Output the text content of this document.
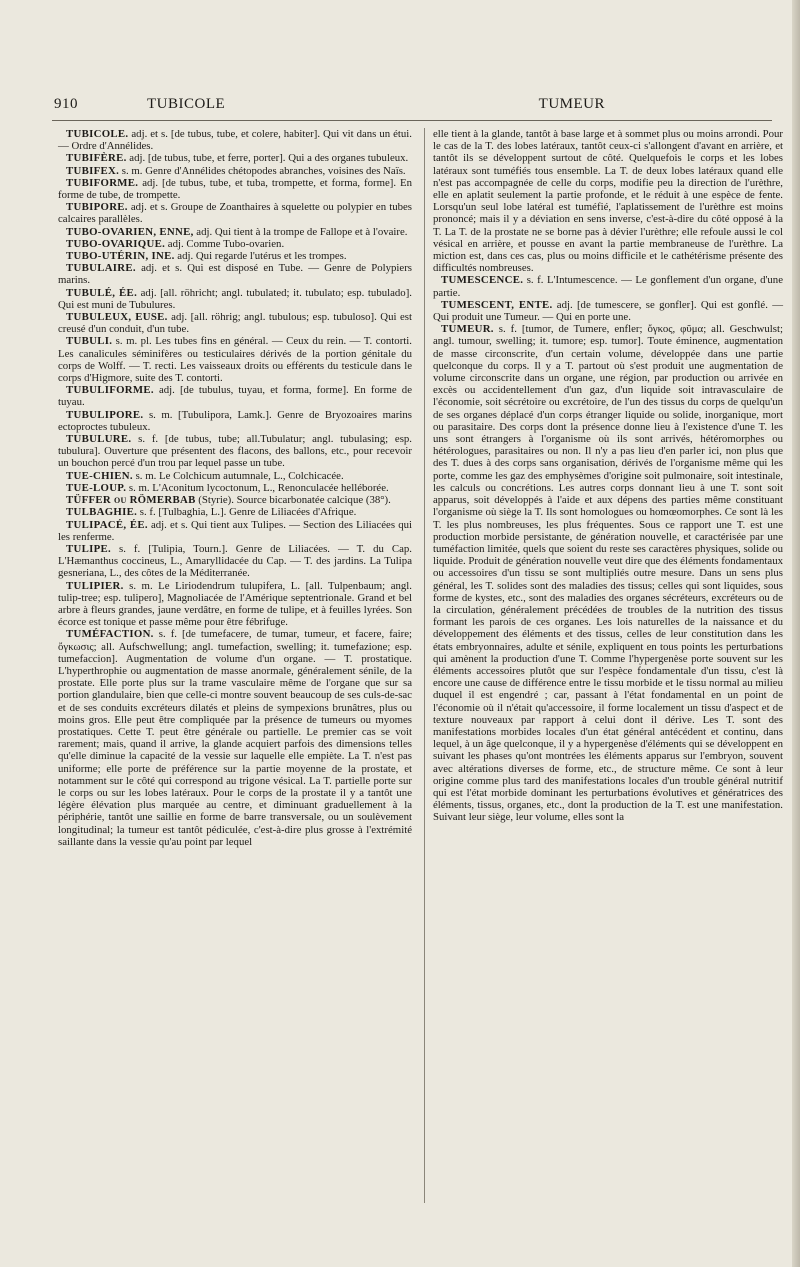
910	TUBICOLE	TUMEUR

TUBICOLE. adj. et s. [de tubus, tube, et colere, habiter]. Qui vit dans un étui. — Ordre d'Annélides.

TUBIFÈRE. adj. [de tubus, tube, et ferre, porter]. Qui a des organes tubuleux.

TUBIFEX. s. m. Genre d'Annélides chétopodes abranches, voisines des Naïs.

TUBIFORME. adj. [de tubus, tube, et tuba, trompette, et forma, forme]. En forme de tube, de trompette.

TUBIPORE. adj. et s. Groupe de Zoanthaires à squelette ou polypier en tubes calcaires parallèles.

TUBO-OVARIEN, ENNE, adj. Qui tient à la trompe de Fallope et à l'ovaire.

TUBO-OVARIQUE. adj. Comme Tubo-ovarien.

TUBO-UTÉRIN, INE. adj. Qui regarde l'utérus et les trompes.

TUBULAIRE. adj. et s. Qui est disposé en Tube. — Genre de Polypiers marins.

TUBULÉ, ÉE. adj. [all. röhricht; angl. tubulated; it. tubulato; esp. tubulado]. Qui est muni de Tubulures.

TUBULEUX, EUSE. adj. [all. röhrig; angl. tubulous; esp. tubuloso]. Qui est creusé d'un conduit, d'un tube.

TUBULI. s. m. pl. Les tubes fins en général. — Ceux du rein. — T. contorti. Les canalicules séminifères ou testiculaires dérivés de la portion génitale du corps de Wolff. — T. recti. Les vaisseaux droits ou efférents du testicule dans le corps d'Higmore, suite des T. contorti.

TUBULIFORME. adj. [de tubulus, tuyau, et forma, forme]. En forme de tuyau.

TUBULIPORE. s. m. [Tubulipora, Lamk.]. Genre de Bryozoaires marins ectoproctes tubuleux.

TUBULURE. s. f. [de tubus, tube; all.Tubulatur; angl. tubulasing; esp. tubulura]. Ouverture que présentent des flacons, des ballons, etc., pour recevoir un bouchon percé d'un trou par lequel passe un tube.

TUE-CHIEN. s. m. Le Colchicum autumnale, L., Colchicacée.

TUE-LOUP. s. m. L'Aconitum lycoctonum, L., Renonculacée helléborée.

TÜFFER ou RÖMERBAB (Styrie). Source bicarbonatée calcique (38°).

TULBAGHIE. s. f. [Tulbaghia, L.]. Genre de Liliacées d'Afrique.

TULIPACÉ, ÉE. adj. et s. Qui tient aux Tulipes. — Section des Liliacées qui les renferme.

TULIPE. s. f. [Tulipia, Tourn.]. Genre de Liliacées. — T. du Cap. L'Hæmanthus coccineus, L., Amaryllidacée du Cap. — T. des jardins. La Tulipa gesneriana, L., des côtes de la Méditerranée.

TULIPIER. s. m. Le Liriodendrum tulupifera, L. [all. Tulpenbaum; angl. tulip-tree; esp. tulipero], Magnoliacée de l'Amérique septentrionale. Grand et bel arbre à fleurs grandes, jaune verdâtre, en forme de tulipe, et à feuilles lyrées. Son écorce est tonique et passe même pour être fébrifuge.

TUMÉFACTION. s. f. [de tumefacere, de tumar, tumeur, et facere, faire; ὄγκωσις; all. Aufschwellung; angl. tumefaction, swelling; it. tumefazione; esp. tumefaccion]. Augmentation de volume d'un organe. — T. prostatique. L'hyperthrophie ou augmentation de masse anormale, généralement sénile, de la prostate. Elle porte plus sur la trame vasculaire même de l'organe que sur sa portion glandulaire, bien que celle-ci montre souvent beaucoup de ses culs-de-sac et de ses conduits excréteurs dilatés et pleins de sympexions brunâtres, plus ou moins gros. Elle peut être compliquée par la présence de tumeurs ou myomes prostatiques. Cette T. peut être générale ou partielle. Le premier cas se voit rarement; mais, quand il arrive, la glande acquiert parfois des dimensions telles qu'elle diminue la capacité de la vessie sur laquelle elle empiète. La T. n'est pas uniforme; elle porte de préférence sur la partie moyenne de la prostate, et notamment sur le côté qui correspond au trigone vésical. La T. partielle porte sur le corps ou sur les lobes latéraux. Pour le corps de la prostate il y a tantôt une légère élévation plus marquée au centre, et diminuant graduellement à la périphérie, tantôt une saillie en forme de barre transversale, ou un soulèvement longitudinal; la tumeur est tantôt pédiculée, c'est-à-dire plus grosse à l'extrémité saillante dans la vessie qu'au point par lequel

elle tient à la glande, tantôt à base large et à sommet plus ou moins arrondi. Pour le cas de la T. des lobes latéraux, tantôt ceux-ci s'allongent d'avant en arrière, et tantôt ils se développent surtout de côté. Quelquefois le corps et les lobes latéraux sont tuméfiés tous ensemble. La T. de deux lobes latéraux quand elle n'est pas accompagnée de celle du corps, modifie peu la direction de l'urèthre, elle en aplatit seulement la partie profonde, et le réduit à une espèce de fente. Lorsqu'un seul lobe latéral est tuméfié, l'aplatissement de l'urèthre est moins prononcé; mais il y a déviation en sens inverse, c'est-à-dire du côté opposé à la T. La T. de la prostate ne se borne pas à dévier l'urèthre; elle refoule aussi le col vésical en arrière, et pousse en avant la partie membraneuse de l'urèthre. La miction est, dans ces cas, plus ou moins difficile et le cathétérisme présente des difficultés nombreuses.

TUMESCENCE. s. f. L'Intumescence. — Le gonflement d'un organe, d'une partie.

TUMESCENT, ENTE. adj. [de tumescere, se gonfler]. Qui est gonflé. — Qui produit une Tumeur. — Qui en porte une.

TUMEUR. s. f. [tumor, de Tumere, enfler; ὄγκος, φῦμα; all. Geschwulst; angl. tumour, swelling; it. tumore; esp. tumor]. Toute éminence, augmentation de masse circonscrite, d'un certain volume, développée dans une partie quelconque du corps. Il y a T. partout où s'est produit une augmentation de volume circonscrite dans un organe, une région, par production ou arrivée en excès ou accidentellement d'un gaz, d'un liquide soit intravasculaire de l'économie, soit sécrétoire ou excrétoire, de l'un des tissus du corps de quelqu'un de ses organes déplacé d'un corps étranger liquide ou solide, inorganique, mort ou parasitaire. Des corps dont la présence donne lieu à l'existence d'une T. les uns sont étrangers à l'organisme où ils sont arrivés, hétéromorphes ou hétérologues, parasitaires ou non. Il n'y a pas lieu d'en parler ici, non plus que des T. dues à des corps sans organisation, dérivés de l'organisme même qui les porte, comme les gaz des emphysèmes d'origine soit pulmonaire, soit intestinale, les calculs ou concrétions. Les autres corps donnant lieu à une T. sont soit apparus, soit développés à l'aide et aux dépens des parties même constituant l'organisme où siège la T. Ils sont homologues ou homœomorphes. Ce sont là les T. les plus nombreuses, les plus fréquentes. Sous ce rapport une T. est une production morbide persistante, de génération nouvelle, et caractérisée par une tuméfaction limitée, quels que soient du reste ses caractères physiques, solide ou liquide. Produit de génération nouvelle veut dire que des éléments fondamentaux ou accessoires d'un tissu se sont multipliés outre mesure. Dans un sens plus général, les T. solides sont des maladies des tissus; celles qui sont liquides, sous forme de kystes, etc., sont des maladies des organes sécréteurs, excréteurs ou de la circulation, généralement précédées de troubles de la nutrition des tissus formant les parois de ces organes. Les lois naturelles de la naissance et du développement des éléments et des tissus, celles de leur constitution dans les états embryonnaires, adulte et sénile, expliquent en tous points les perturbations qui amènent la production d'une T. Comme l'hypergenèse porte souvent sur les éléments accessoires plutôt que sur l'espèce fondamentale d'un tissu, c'est là encore une cause de différence entre le tissu morbide et le tissu normal au milieu duquel il est engendré ; car, passant à l'état fondamental en un point de l'économie où il n'était qu'accessoire, il forme localement un tissu d'aspect et de texture nouveaux par rapport à celui dont il dérive. Les T. sont des manifestations morbides locales d'un état général antécédent et continu, dans lequel, à un âge quelconque, il y a hypergenèse d'éléments qui se développent en suivant les phases qu'ont montrées les éléments apparus sur l'embryon, souvent avec altérations diverses de forme, etc., de structure même. Ce sont à leur origine comme plus tard des manifestations locales d'un trouble général nutritif qui est l'état morbide dominant les perturbations évolutives et génératrices des éléments, tissus, organes, etc., dont la production de la T. est une manifestation. Suivant leur siège, leur volume, elles sont la
